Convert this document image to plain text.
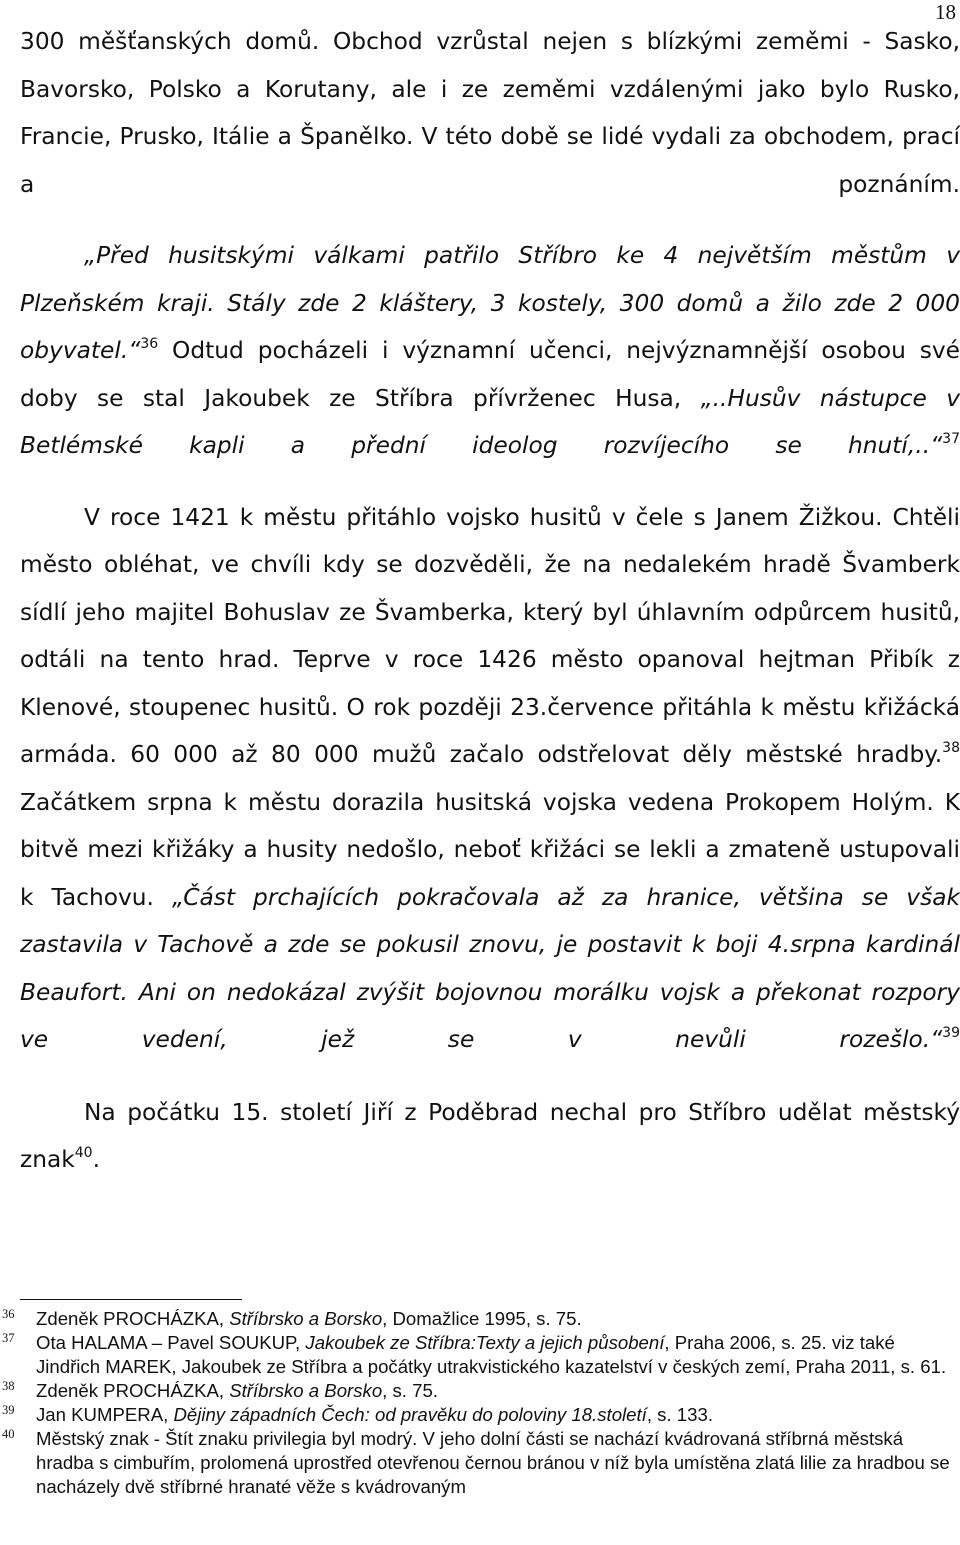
18

300 měšťanských domů. Obchod vzrůstal nejen s blízkými zeměmi - Sasko, Bavorsko, Polsko a Korutany, ale i ze zeměmi vzdálenými jako bylo Rusko, Francie, Prusko, Itálie a Španělko. V této době se lidé vydali za obchodem, prací a poznáním.

„Před husitskými válkami patřilo Stříbro ke 4 největším městům v Plzeňském kraji. Stály zde 2 kláštery, 3 kostely, 300 domů a žilo zde 2 000 obyvatel.“$^{36}$ Odtud pocházeli i významní učenci, nejvýznamnější osobou své doby se stal Jakoubek ze Stříbra přívrženec Husa, „..Husův nástupce v Betlémské kapli a přední ideolog rozvíjecího se hnutí,..“$^{37}$

V roce 1421 k městu přitáhlo vojsko husitů v čele s Janem Žižkou. Chtěli město obléhat, ve chvíli kdy se dozvěděli, že na nedalekém hradě Švamberk sídlí jeho majitel Bohuslav ze Švamberka, který byl úhlavním odpůrcem husitů, odtáli na tento hrad. Teprve v roce 1426 město opanoval hejtman Přibík z Klenové, stoupenec husitů. O rok později 23.července přitáhla k městu křižácká armáda. 60 000 až 80 000 mužů začalo odstřelovat děly městské hradby.$^{38}$ Začátkem srpna k městu dorazila husitská vojska vedena Prokopem Holým. K bitvě mezi křižáky a husity nedošlo, neboť křižáci se lekli a zmateně ustupovali k Tachovu. „Část prchajících pokračovala až za hranice, většina se však zastavila v Tachově a zde se pokusil znovu, je postavit k boji 4.srpna kardinál Beaufort. Ani on nedokázal zvýšit bojovnou morálku vojsk a překonat rozpory ve vedení, jež se v nevůli rozešlo.“$^{39}$

Na počátku 15. století Jiří z Poděbrad nechal pro Stříbro udělat městský znak$^{40}$.

36 Zdeněk PROCHÁZKA, Stříbrsko a Borsko, Domažlice 1995, s. 75.
37 Ota HALAMA – Pavel SOUKUP, Jakoubek ze Stříbra:Texty a jejich působení, Praha 2006, s. 25. viz také Jindřich MAREK, Jakoubek ze Stříbra a počátky utrakvistického kazatelství v českých zemí, Praha 2011, s. 61.
38 Zdeněk PROCHÁZKA, Stříbrsko a Borsko, s. 75.
39 Jan KUMPERA, Dějiny západních Čech: od pravěku do poloviny 18.století, s. 133.
40 Městský znak - Štít znaku privilegia byl modrý. V jeho dolní části se nachází kvádrovaná stříbrná městská hradba s cimbuřím, prolomená uprostřed otevřenou černou bránou v níž byla umístěna zlatá lilie za hradbou se nacházely dvě stříbrné hranaté věže s kvádrovaným
